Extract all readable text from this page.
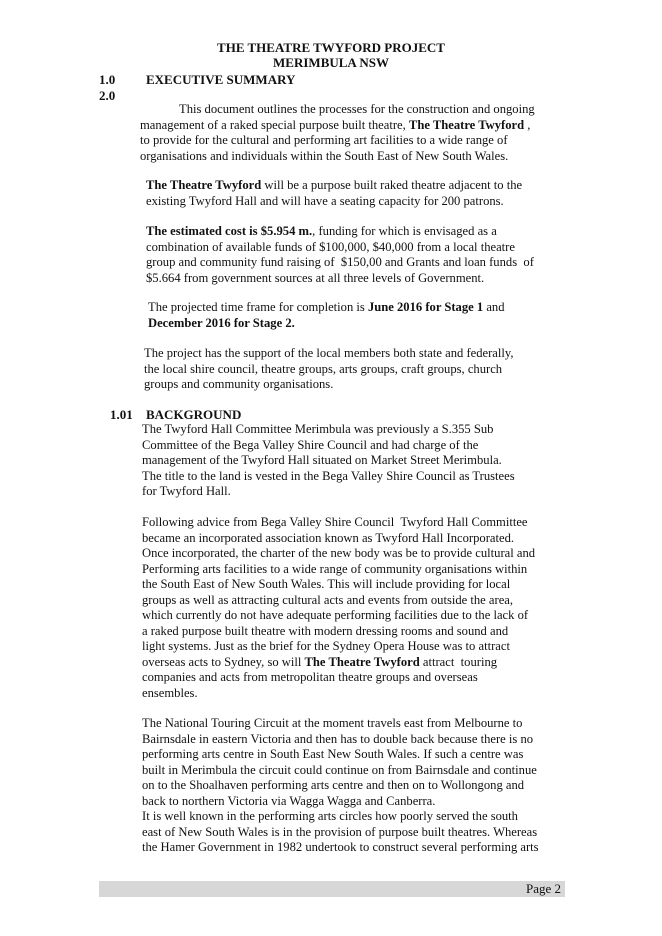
THE THEATRE TWYFORD PROJECT
MERIMBULA NSW
1.0 EXECUTIVE SUMMARY
2.0
This document outlines the processes for the construction and ongoing
management of a raked special purpose built theatre, The Theatre Twyford ,
to provide for the cultural and performing art facilities to a wide range of
organisations and individuals within the South East of New South Wales.
The Theatre Twyford will be a purpose built raked theatre adjacent to the
existing Twyford Hall and will have a seating capacity for 200 patrons.
The estimated cost is $5.954 m., funding for which is envisaged as a
combination of available funds of $100,000, $40,000 from a local theatre
group and community fund raising of  $150,00 and Grants and loan funds  of
$5.664 from government sources at all three levels of Government.
The projected time frame for completion is June 2016 for Stage 1 and
December 2016 for Stage 2.
The project has the support of the local members both state and federally,
the local shire council, theatre groups, arts groups, craft groups, church
groups and community organisations.
1.01 BACKGROUND
The Twyford Hall Committee Merimbula was previously a S.355 Sub
Committee of the Bega Valley Shire Council and had charge of the
management of the Twyford Hall situated on Market Street Merimbula.
The title to the land is vested in the Bega Valley Shire Council as Trustees
for Twyford Hall.
Following advice from Bega Valley Shire Council  Twyford Hall Committee
became an incorporated association known as Twyford Hall Incorporated.
Once incorporated, the charter of the new body was be to provide cultural and
Performing arts facilities to a wide range of community organisations within
the South East of New South Wales. This will include providing for local
groups as well as attracting cultural acts and events from outside the area,
which currently do not have adequate performing facilities due to the lack of
a raked purpose built theatre with modern dressing rooms and sound and
light systems. Just as the brief for the Sydney Opera House was to attract
overseas acts to Sydney, so will The Theatre Twyford attract  touring
companies and acts from metropolitan theatre groups and overseas
ensembles.
The National Touring Circuit at the moment travels east from Melbourne to
Bairnsdale in eastern Victoria and then has to double back because there is no
performing arts centre in South East New South Wales. If such a centre was
built in Merimbula the circuit could continue on from Bairnsdale and continue
on to the Shoalhaven performing arts centre and then on to Wollongong and
back to northern Victoria via Wagga Wagga and Canberra.
It is well known in the performing arts circles how poorly served the south
east of New South Wales is in the provision of purpose built theatres. Whereas
the Hamer Government in 1982 undertook to construct several performing arts
Page 2
